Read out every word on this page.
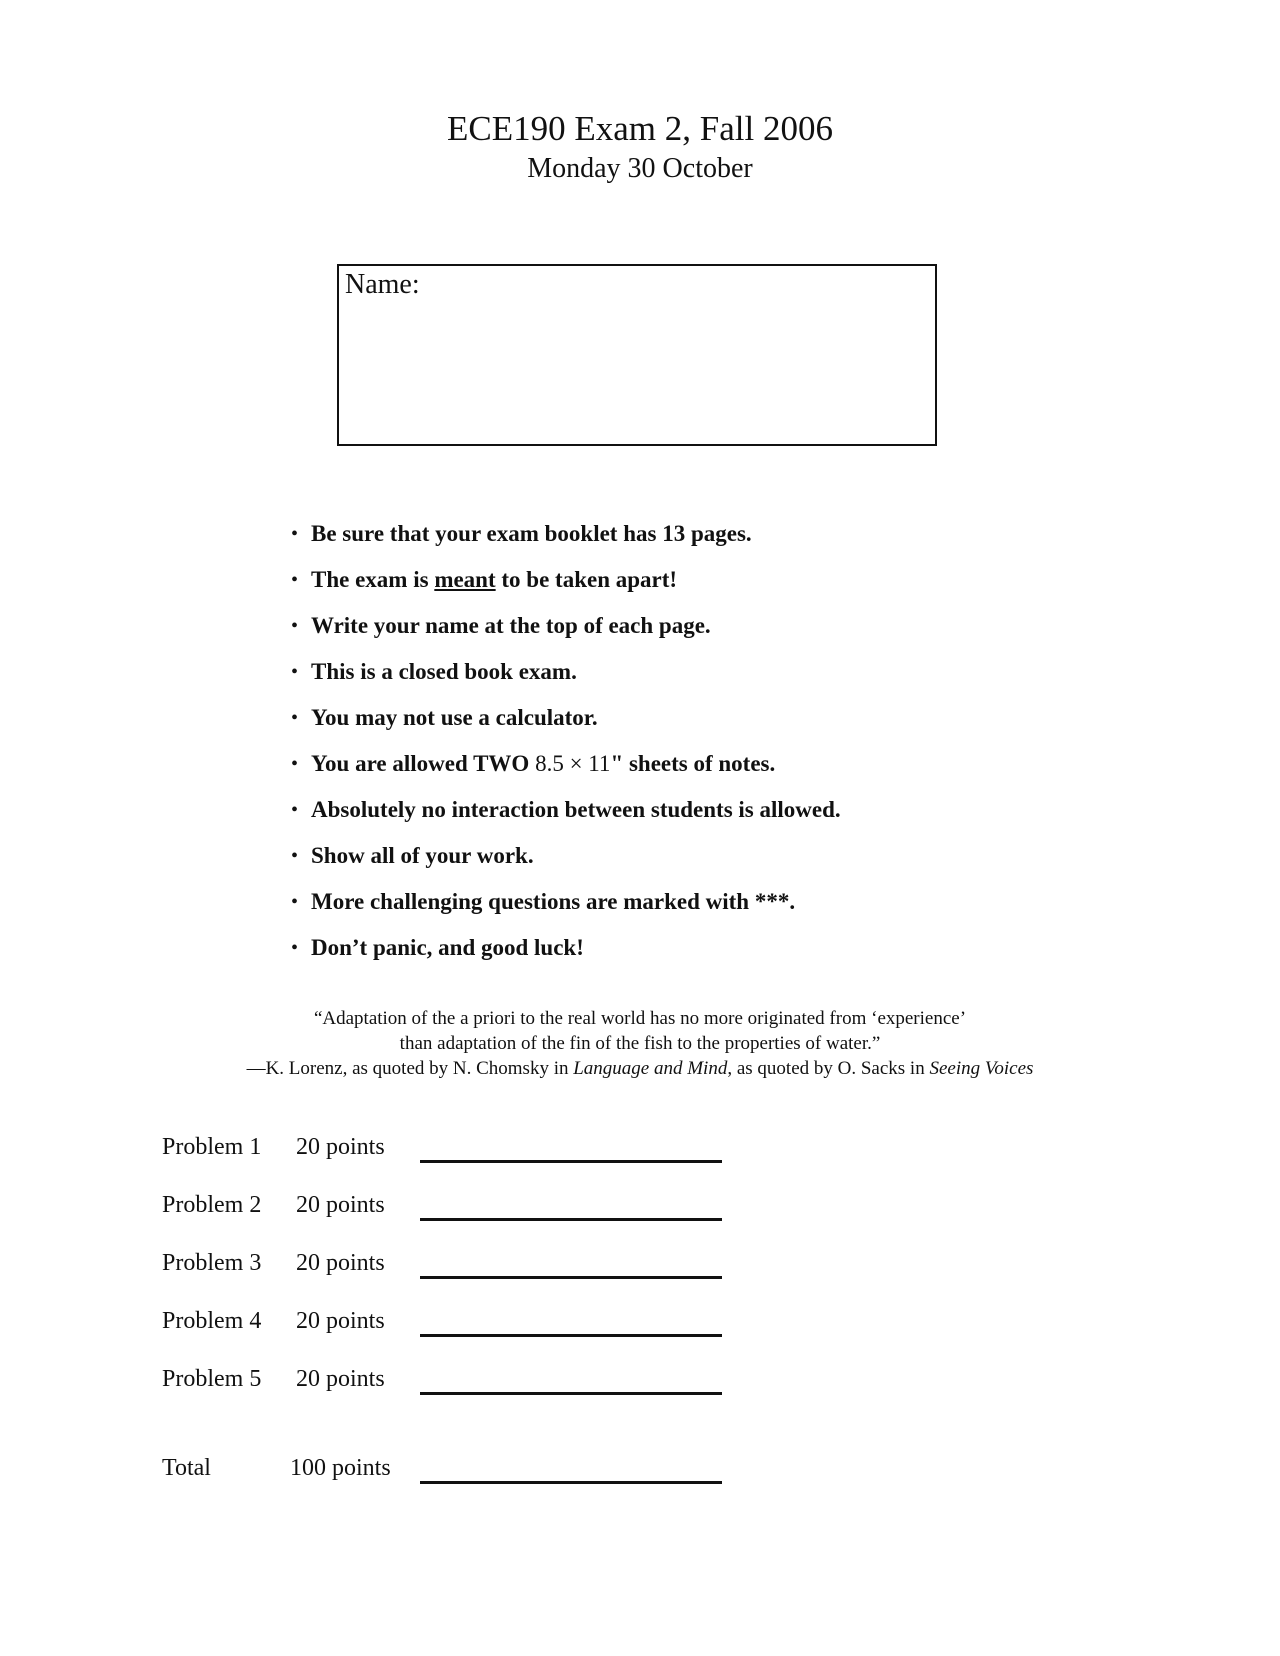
ECE190 Exam 2, Fall 2006
Monday 30 October
Name:
• Be sure that your exam booklet has 13 pages.
• The exam is meant to be taken apart!
• Write your name at the top of each page.
• This is a closed book exam.
• You may not use a calculator.
• You are allowed TWO 8.5 × 11" sheets of notes.
• Absolutely no interaction between students is allowed.
• Show all of your work.
• More challenging questions are marked with ***.
• Don’t panic, and good luck!
“Adaptation of the a priori to the real world has no more originated from ‘experience’
than adaptation of the fin of the fish to the properties of water.”
—K. Lorenz, as quoted by N. Chomsky in Language and Mind, as quoted by O. Sacks in Seeing Voices
Problem 1 20 points
Problem 2 20 points
Problem 3 20 points
Problem 4 20 points
Problem 5 20 points
Total	100 points
